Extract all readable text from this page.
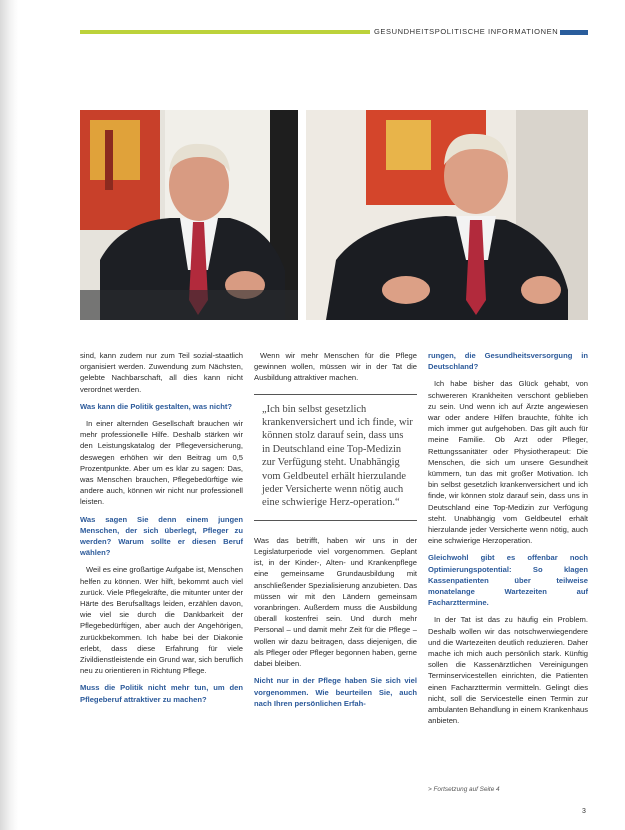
GESUNDHEITSPOLITISCHE INFORMATIONEN

sind, kann zudem nur zum Teil sozial-staatlich organisiert werden. Zuwendung zum Nächsten, gelebte Nachbarschaft, all dies kann nicht verordnet werden.

Was kann die Politik gestalten, was nicht?

In einer alternden Gesellschaft brauchen wir mehr professionelle Hilfe. Deshalb stärken wir den Leistungskatalog der Pflegeversicherung, deswegen erhöhen wir den Beitrag um 0,5 Prozentpunkte. Aber um es klar zu sagen: Das, was Menschen brauchen, Pflegebedürftige wie andere auch, können wir nicht nur professionell leisten.

Was sagen Sie denn einem jungen Menschen, der sich überlegt, Pfleger zu werden? Warum sollte er diesen Beruf wählen?

Weil es eine großartige Aufgabe ist, Menschen helfen zu können. Wer hilft, bekommt auch viel zurück. Viele Pflegekräfte, die mitunter unter der Härte des Berufsalltags leiden, erzählen davon, wie viel sie durch die Dankbarkeit der Pflegebedürftigen, aber auch der Angehörigen, zurückbekommen. Ich habe bei der Diakonie erlebt, dass diese Erfahrung für viele Zivildienstleistende ein Grund war, sich beruflich neu zu orientieren in Richtung Pflege.

Muss die Politik nicht mehr tun, um den Pflegeberuf attraktiver zu machen?

Wenn wir mehr Menschen für die Pflege gewinnen wollen, müssen wir in der Tat die Ausbildung attraktiver machen.

„Ich bin selbst gesetzlich krankenversichert und ich finde, wir können stolz darauf sein, dass uns in Deutschland eine Top-Medizin zur Verfügung steht. Unabhängig vom Geldbeutel erhält hierzulande jeder Versicherte wenn nötig auch eine schwierige Herz-operation.“

Was das betrifft, haben wir uns in der Legislaturperiode viel vorgenommen. Geplant ist, in der Kinder-, Alten- und Krankenpflege eine gemeinsame Grundausbildung mit anschließender Spezialisierung anzubieten. Das müssen wir mit den Ländern gemeinsam voranbringen. Außerdem muss die Ausbildung überall kostenfrei sein. Und durch mehr Personal – und damit mehr Zeit für die Pflege – wollen wir dazu beitragen, dass diejenigen, die als Pfleger oder Pfleger begonnen haben, gerne dabei bleiben.

Nicht nur in der Pflege haben Sie sich viel vorgenommen. Wie beurteilen Sie, auch nach Ihren persönlichen Erfah-

rungen, die Gesundheitsversorgung in Deutschland?

Ich habe bisher das Glück gehabt, von schwereren Krankheiten verschont geblieben zu sein. Und wenn ich auf Ärzte angewiesen war oder andere Hilfen brauchte, fühlte ich mich immer gut aufgehoben. Das gilt auch für meine Familie. Ob Arzt oder Pfleger, Rettungssanitäter oder Physiotherapeut: Die Menschen, die sich um unsere Gesundheit kümmern, tun das mit großer Motivation. Ich bin selbst gesetzlich krankenversichert und ich finde, wir können stolz darauf sein, dass uns in Deutschland eine Top-Medizin zur Verfügung steht. Unabhängig vom Geldbeutel erhält hierzulande jeder Versicherte wenn nötig, auch eine schwierige Herzoperation.

Gleichwohl gibt es offenbar noch Optimierungspotential: So klagen Kassenpatienten über teilweise monatelange Wartezeiten auf Facharzttermine.

In der Tat ist das zu häufig ein Problem. Deshalb wollen wir das notschwerwiegendere und die Wartezeiten deutlich reduzieren. Daher mache ich mich auch persönlich stark. Künftig sollen die Kassenärztlichen Vereinigungen Terminservicestellen einrichten, die Patienten einen Facharzttermin vermitteln. Gelingt dies nicht, soll die Servicestelle einen Termin zur ambulanten Behandlung in einem Krankenhaus anbieten.

> Fortsetzung auf Seite 4
3
